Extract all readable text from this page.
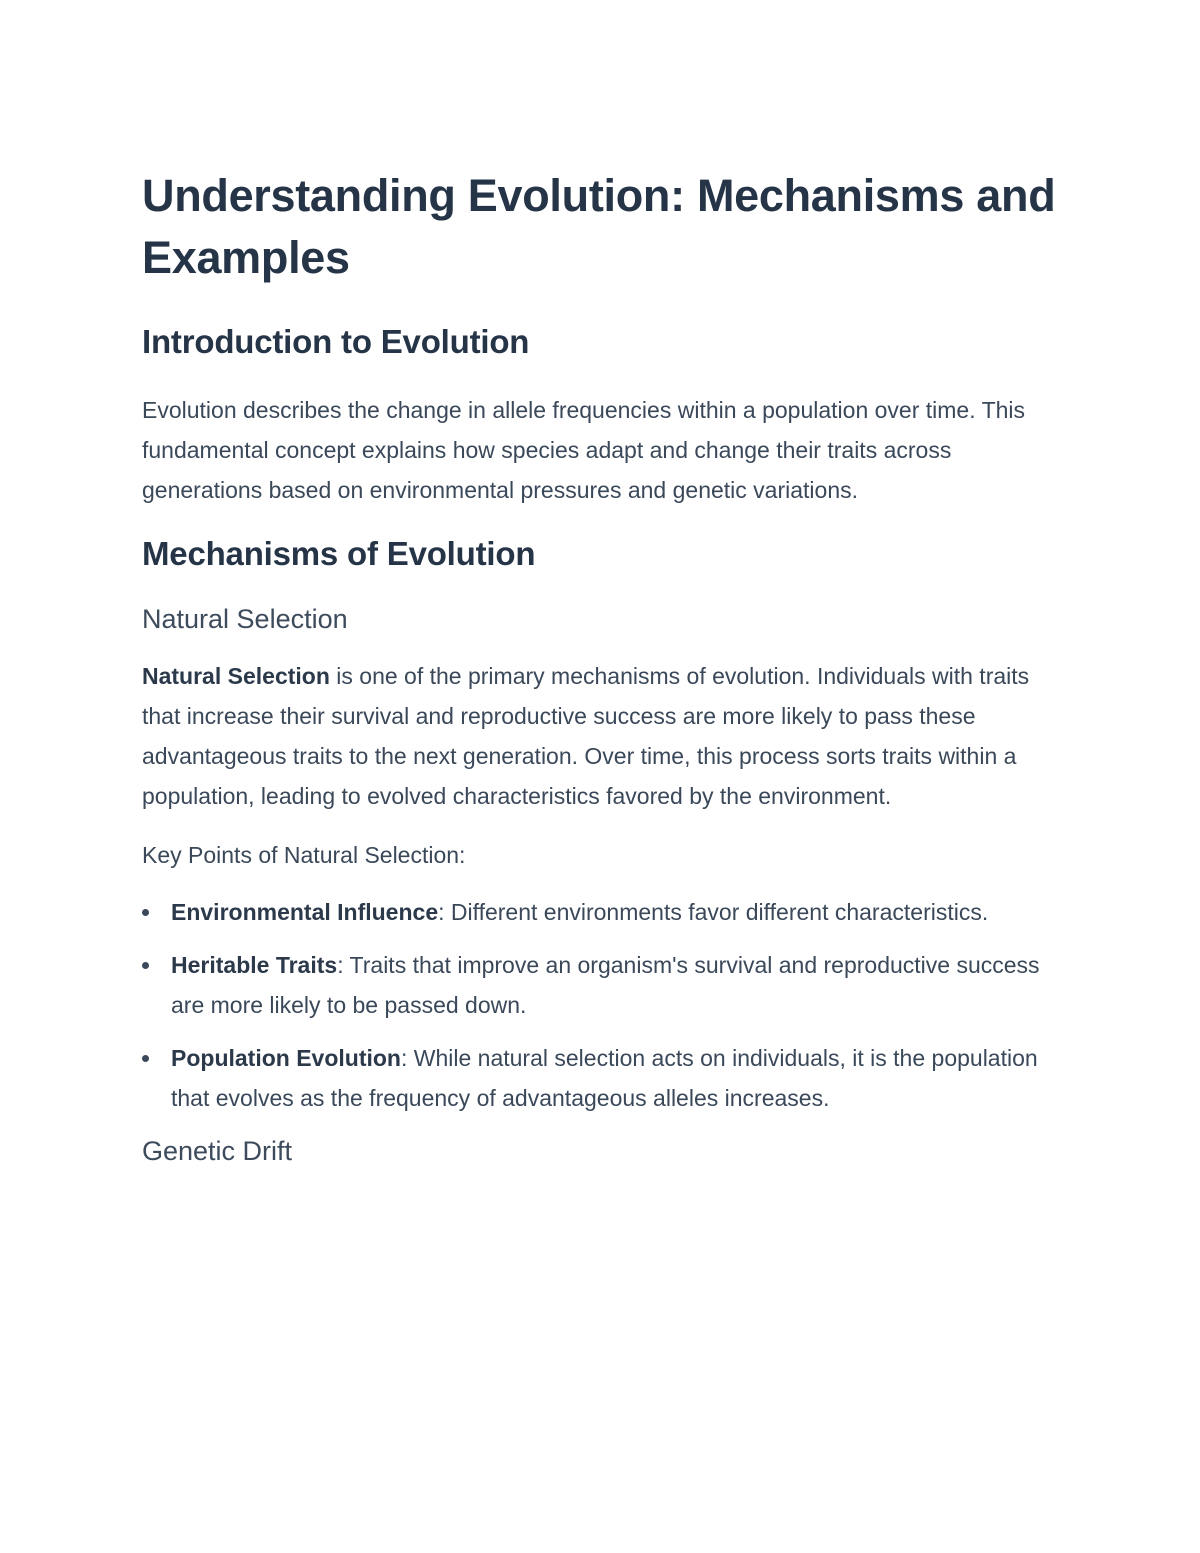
Understanding Evolution: Mechanisms and Examples
Introduction to Evolution

Evolution describes the change in allele frequencies within a population over time. This fundamental concept explains how species adapt and change their traits across generations based on environmental pressures and genetic variations.

Mechanisms of Evolution
Natural Selection

Natural Selection is one of the primary mechanisms of evolution. Individuals with traits that increase their survival and reproductive success are more likely to pass these advantageous traits to the next generation. Over time, this process sorts traits within a population, leading to evolved characteristics favored by the environment.

Key Points of Natural Selection:

Environmental Influence: Different environments favor different characteristics.
Heritable Traits: Traits that improve an organism's survival and reproductive success are more likely to be passed down.
Population Evolution: While natural selection acts on individuals, it is the population that evolves as the frequency of advantageous alleles increases.
Genetic Drift
